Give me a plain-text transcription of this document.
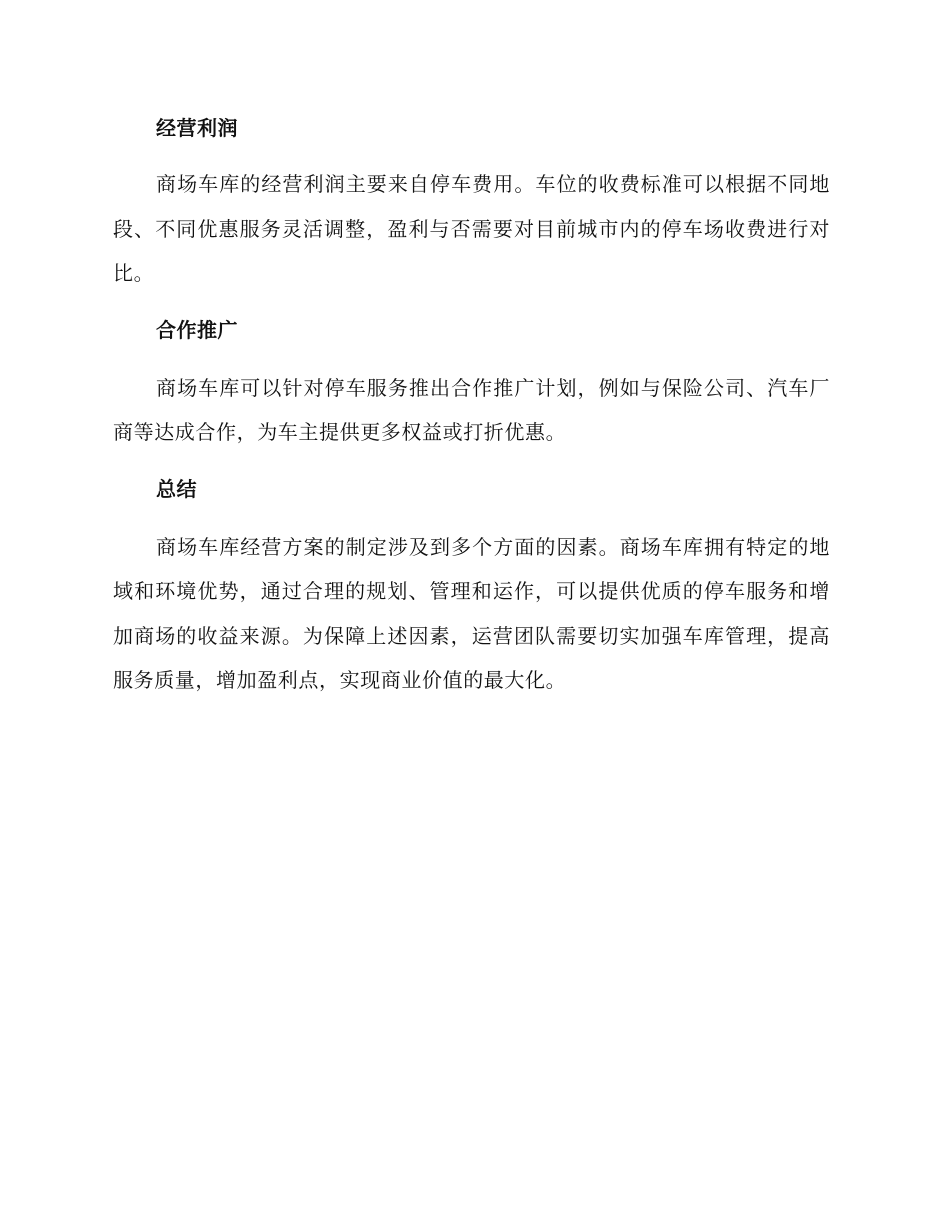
经营利润

商场车库的经营利润主要来自停车费用。车位的收费标准可以根据不同地段、不同优惠服务灵活调整，盈利与否需要对目前城市内的停车场收费进行对比。

合作推广

商场车库可以针对停车服务推出合作推广计划，例如与保险公司、汽车厂商等达成合作，为车主提供更多权益或打折优惠。

总结

商场车库经营方案的制定涉及到多个方面的因素。商场车库拥有特定的地域和环境优势，通过合理的规划、管理和运作，可以提供优质的停车服务和增加商场的收益来源。为保障上述因素，运营团队需要切实加强车库管理，提高服务质量，增加盈利点，实现商业价值的最大化。
